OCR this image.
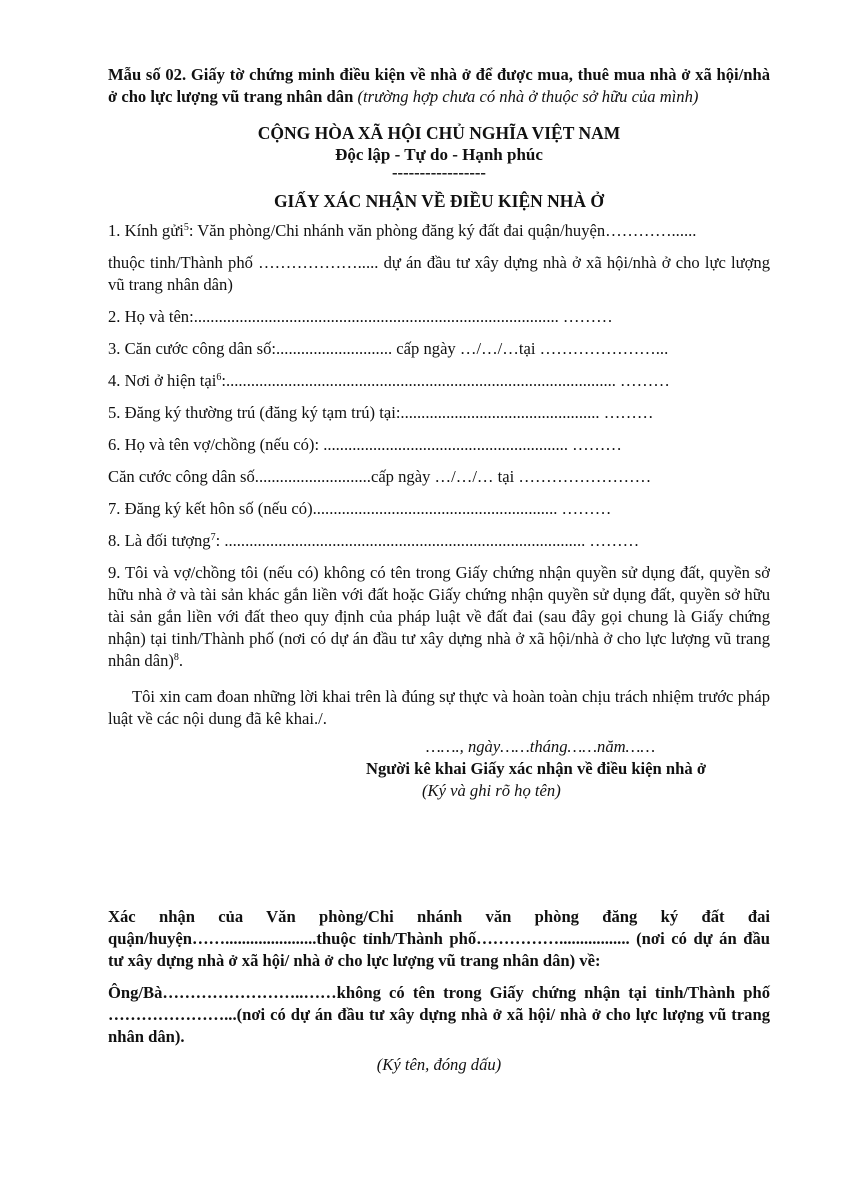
Mẫu số 02. Giấy tờ chứng minh điều kiện về nhà ở để được mua, thuê mua nhà ở xã hội/nhà ở cho lực lượng vũ trang nhân dân (trường hợp chưa có nhà ở thuộc sở hữu của mình)
CỘNG HÒA XÃ HỘI CHỦ NGHĨA VIỆT NAM
Độc lập - Tự do - Hạnh phúc
-----------------
GIẤY XÁC NHẬN VỀ ĐIỀU KIỆN NHÀ Ở
1. Kính gửi$^5$: Văn phòng/Chi nhánh văn phòng đăng ký đất đai quận/huyện…………......
thuộc tinh/Thành phố ………………..... dự án đầu tư xây dựng nhà ở xã hội/nhà ở cho lực lượng vũ trang nhân dân)
2. Họ và tên:........................................................................................ ………
3. Căn cước công dân số:............................ cấp ngày …/…/…tại …………………...
4. Nơi ở hiện tại$^6$:.............................................................................................. ………
5. Đăng ký thường trú (đăng ký tạm trú) tại:................................................ ………
6. Họ và tên vợ/chồng (nếu có): ........................................................... ………
Căn cước công dân số............................cấp ngày …/…/… tại ……………………
7. Đăng ký kết hôn số (nếu có)........................................................... ………
8. Là đối tượng$^7$: ....................................................................................... ………
9. Tôi và vợ/chồng tôi (nếu có) không có tên trong Giấy chứng nhận quyền sử dụng đất, quyền sở hữu nhà ở và tài sản khác gắn liền với đất hoặc Giấy chứng nhận quyền sử dụng đất, quyền sở hữu tài sản gắn liền với đất theo quy định của pháp luật về đất đai (sau đây gọi chung là Giấy chứng nhận) tại tinh/Thành phố (nơi có dự án đầu tư xây dựng nhà ở xã hội/nhà ở cho lực lượng vũ trang nhân dân)$^8$.
Tôi xin cam đoan những lời khai trên là đúng sự thực và hoàn toàn chịu trách nhiệm trước pháp luật về các nội dung đã kê khai./.
……., ngày……tháng……năm……
Người kê khai Giấy xác nhận về điều kiện nhà ở
(Ký và ghi rõ họ tên)

Xác nhận của Văn phòng/Chi nhánh văn phòng đăng ký đất đai

quận/huyện……......................thuộc tỉnh/Thành phố……………................. (nơi có dự án đầu tư xây dựng nhà ở xã hội/ nhà ở cho lực lượng vũ trang nhân dân) về:

Ông/Bà……………………..……không có tên trong Giấy chứng nhận tại tỉnh/Thành phố …………………...(nơi có dự án đầu tư xây dựng nhà ở xã hội/ nhà ở cho lực lượng vũ trang nhân dân).

(Ký tên, đóng dấu)
